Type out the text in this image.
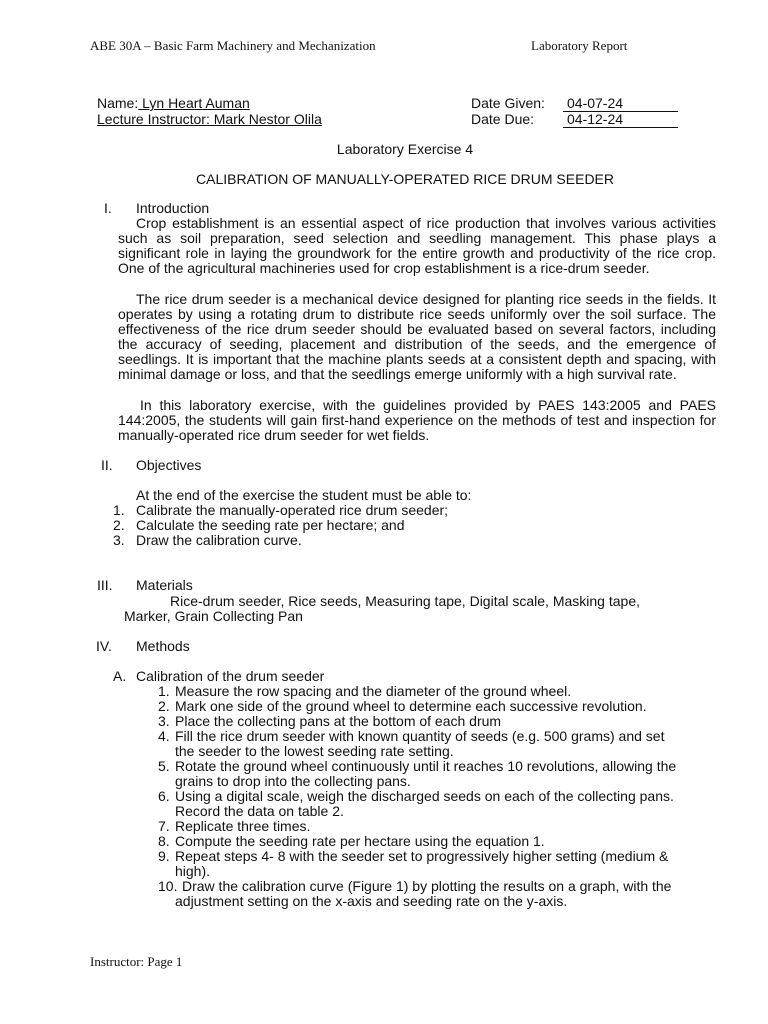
ABE 30A – Basic Farm Machinery and Mechanization	Laboratory Report
Name: Lyn Heart Auman
Lecture Instructor: Mark Nestor Olila
Date Given: 04-07-24
Date Due: 04-12-24
Laboratory Exercise 4
CALIBRATION OF MANUALLY-OPERATED RICE DRUM SEEDER
I. Introduction
Crop establishment is an essential aspect of rice production that involves various activities such as soil preparation, seed selection and seedling management. This phase plays a significant role in laying the groundwork for the entire growth and productivity of the rice crop. One of the agricultural machineries used for crop establishment is a rice-drum seeder.
The rice drum seeder is a mechanical device designed for planting rice seeds in the fields. It operates by using a rotating drum to distribute rice seeds uniformly over the soil surface. The effectiveness of the rice drum seeder should be evaluated based on several factors, including the accuracy of seeding, placement and distribution of the seeds, and the emergence of seedlings. It is important that the machine plants seeds at a consistent depth and spacing, with minimal damage or loss, and that the seedlings emerge uniformly with a high survival rate.
In this laboratory exercise, with the guidelines provided by PAES 143:2005 and PAES 144:2005, the students will gain first-hand experience on the methods of test and inspection for manually-operated rice drum seeder for wet fields.
II. Objectives
At the end of the exercise the student must be able to:
1. Calibrate the manually-operated rice drum seeder;
2. Calculate the seeding rate per hectare; and
3. Draw the calibration curve.
III. Materials
Rice-drum seeder, Rice seeds, Measuring tape, Digital scale, Masking tape,
Marker, Grain Collecting Pan
IV. Methods
A. Calibration of the drum seeder
1. Measure the row spacing and the diameter of the ground wheel.
2. Mark one side of the ground wheel to determine each successive revolution.
3. Place the collecting pans at the bottom of each drum
4. Fill the rice drum seeder with known quantity of seeds (e.g. 500 grams) and set
the seeder to the lowest seeding rate setting.
5. Rotate the ground wheel continuously until it reaches 10 revolutions, allowing the
grains to drop into the collecting pans.
6. Using a digital scale, weigh the discharged seeds on each of the collecting pans.
Record the data on table 2.
7. Replicate three times.
8. Compute the seeding rate per hectare using the equation 1.
9. Repeat steps 4- 8 with the seeder set to progressively higher setting (medium &
high).
10. Draw the calibration curve (Figure 1) by plotting the results on a graph, with the
adjustment setting on the x-axis and seeding rate on the y-axis.
Instructor: Page 1
